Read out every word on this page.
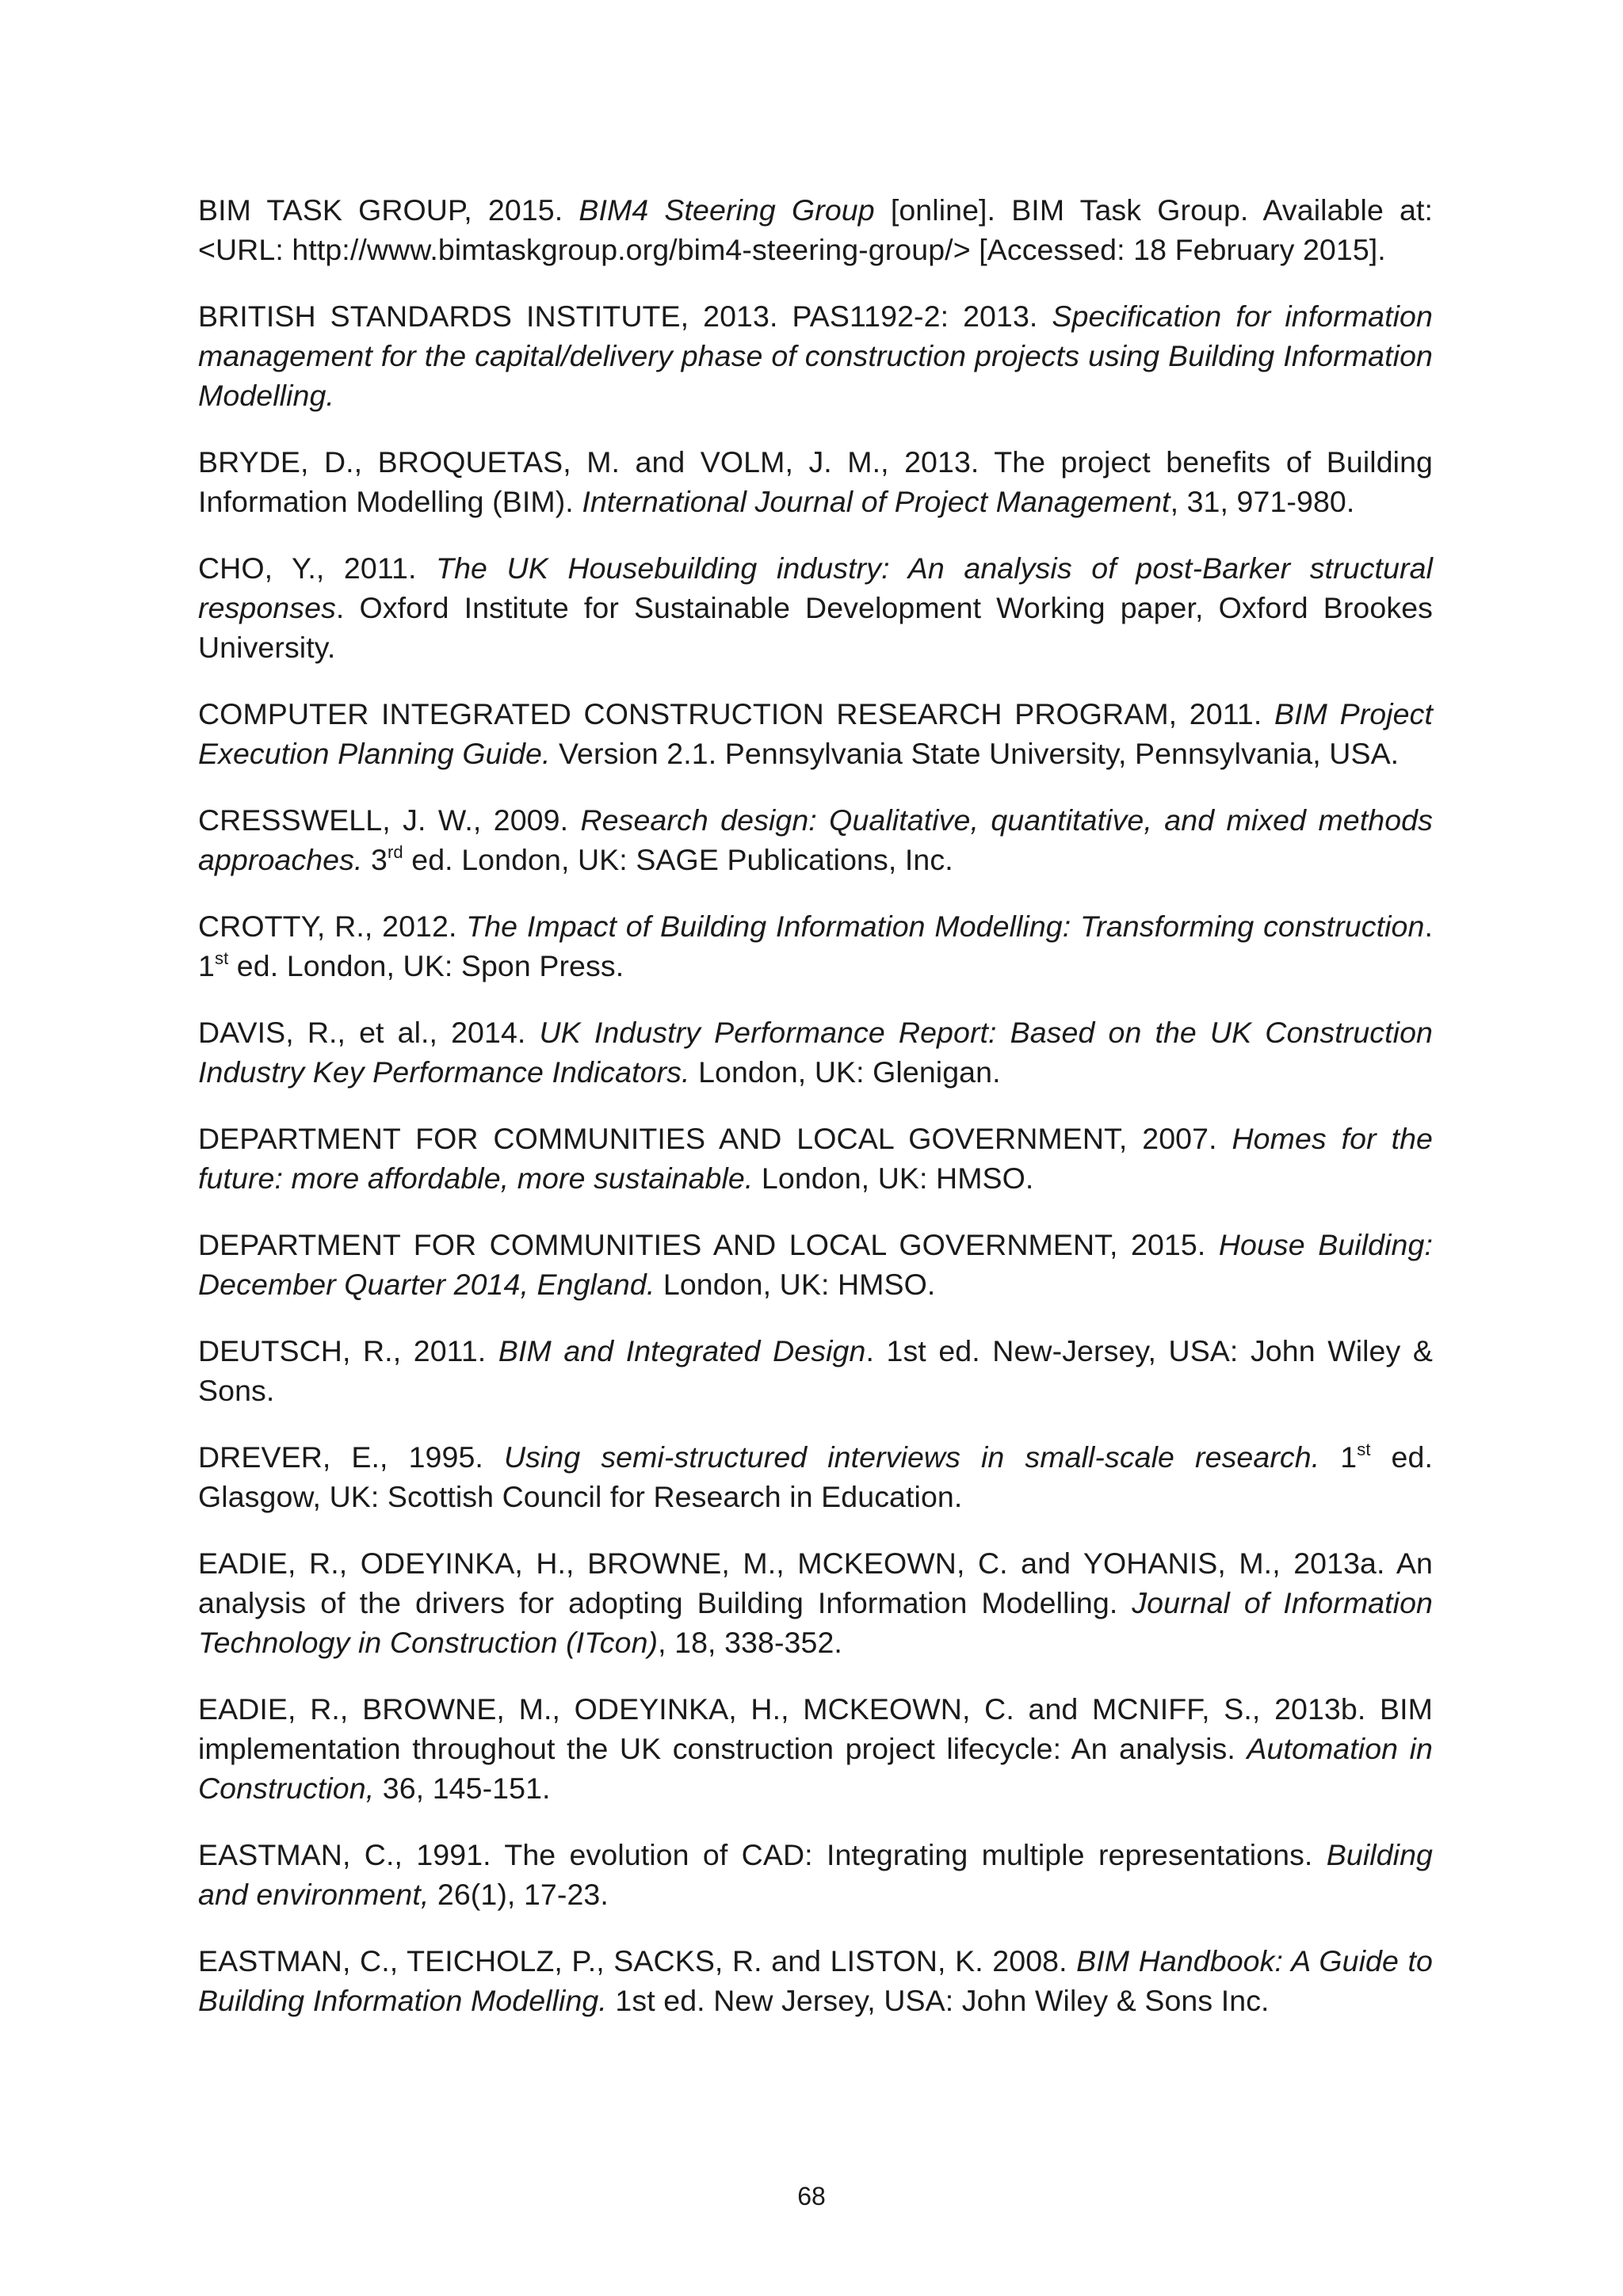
BIM TASK GROUP, 2015. BIM4 Steering Group [online]. BIM Task Group. Available at: <URL: http://www.bimtaskgroup.org/bim4-steering-group/> [Accessed: 18 February 2015].

BRITISH STANDARDS INSTITUTE, 2013. PAS1192-2: 2013. Specification for information management for the capital/delivery phase of construction projects using Building Information Modelling.

BRYDE, D., BROQUETAS, M. and VOLM, J. M., 2013. The project benefits of Building Information Modelling (BIM). International Journal of Project Management, 31, 971-980.

CHO, Y., 2011. The UK Housebuilding industry: An analysis of post-Barker structural responses. Oxford Institute for Sustainable Development Working paper, Oxford Brookes University.

COMPUTER INTEGRATED CONSTRUCTION RESEARCH PROGRAM, 2011. BIM Project Execution Planning Guide. Version 2.1. Pennsylvania State University, Pennsylvania, USA.

CRESSWELL, J. W., 2009. Research design: Qualitative, quantitative, and mixed methods approaches. 3rd ed. London, UK: SAGE Publications, Inc.

CROTTY, R., 2012. The Impact of Building Information Modelling: Transforming construction. 1st ed. London, UK: Spon Press.

DAVIS, R., et al., 2014. UK Industry Performance Report: Based on the UK Construction Industry Key Performance Indicators. London, UK: Glenigan.

DEPARTMENT FOR COMMUNITIES AND LOCAL GOVERNMENT, 2007. Homes for the future: more affordable, more sustainable. London, UK: HMSO.

DEPARTMENT FOR COMMUNITIES AND LOCAL GOVERNMENT, 2015. House Building: December Quarter 2014, England. London, UK: HMSO.

DEUTSCH, R., 2011. BIM and Integrated Design. 1st ed. New-Jersey, USA: John Wiley & Sons.

DREVER, E., 1995. Using semi-structured interviews in small-scale research. 1st ed. Glasgow, UK: Scottish Council for Research in Education.

EADIE, R., ODEYINKA, H., BROWNE, M., MCKEOWN, C. and YOHANIS, M., 2013a. An analysis of the drivers for adopting Building Information Modelling. Journal of Information Technology in Construction (ITcon), 18, 338-352.

EADIE, R., BROWNE, M., ODEYINKA, H., MCKEOWN, C. and MCNIFF, S., 2013b. BIM implementation throughout the UK construction project lifecycle: An analysis. Automation in Construction, 36, 145-151.

EASTMAN, C., 1991. The evolution of CAD: Integrating multiple representations. Building and environment, 26(1), 17-23.

EASTMAN, C., TEICHOLZ, P., SACKS, R. and LISTON, K. 2008. BIM Handbook: A Guide to Building Information Modelling. 1st ed. New Jersey, USA: John Wiley & Sons Inc.

68
